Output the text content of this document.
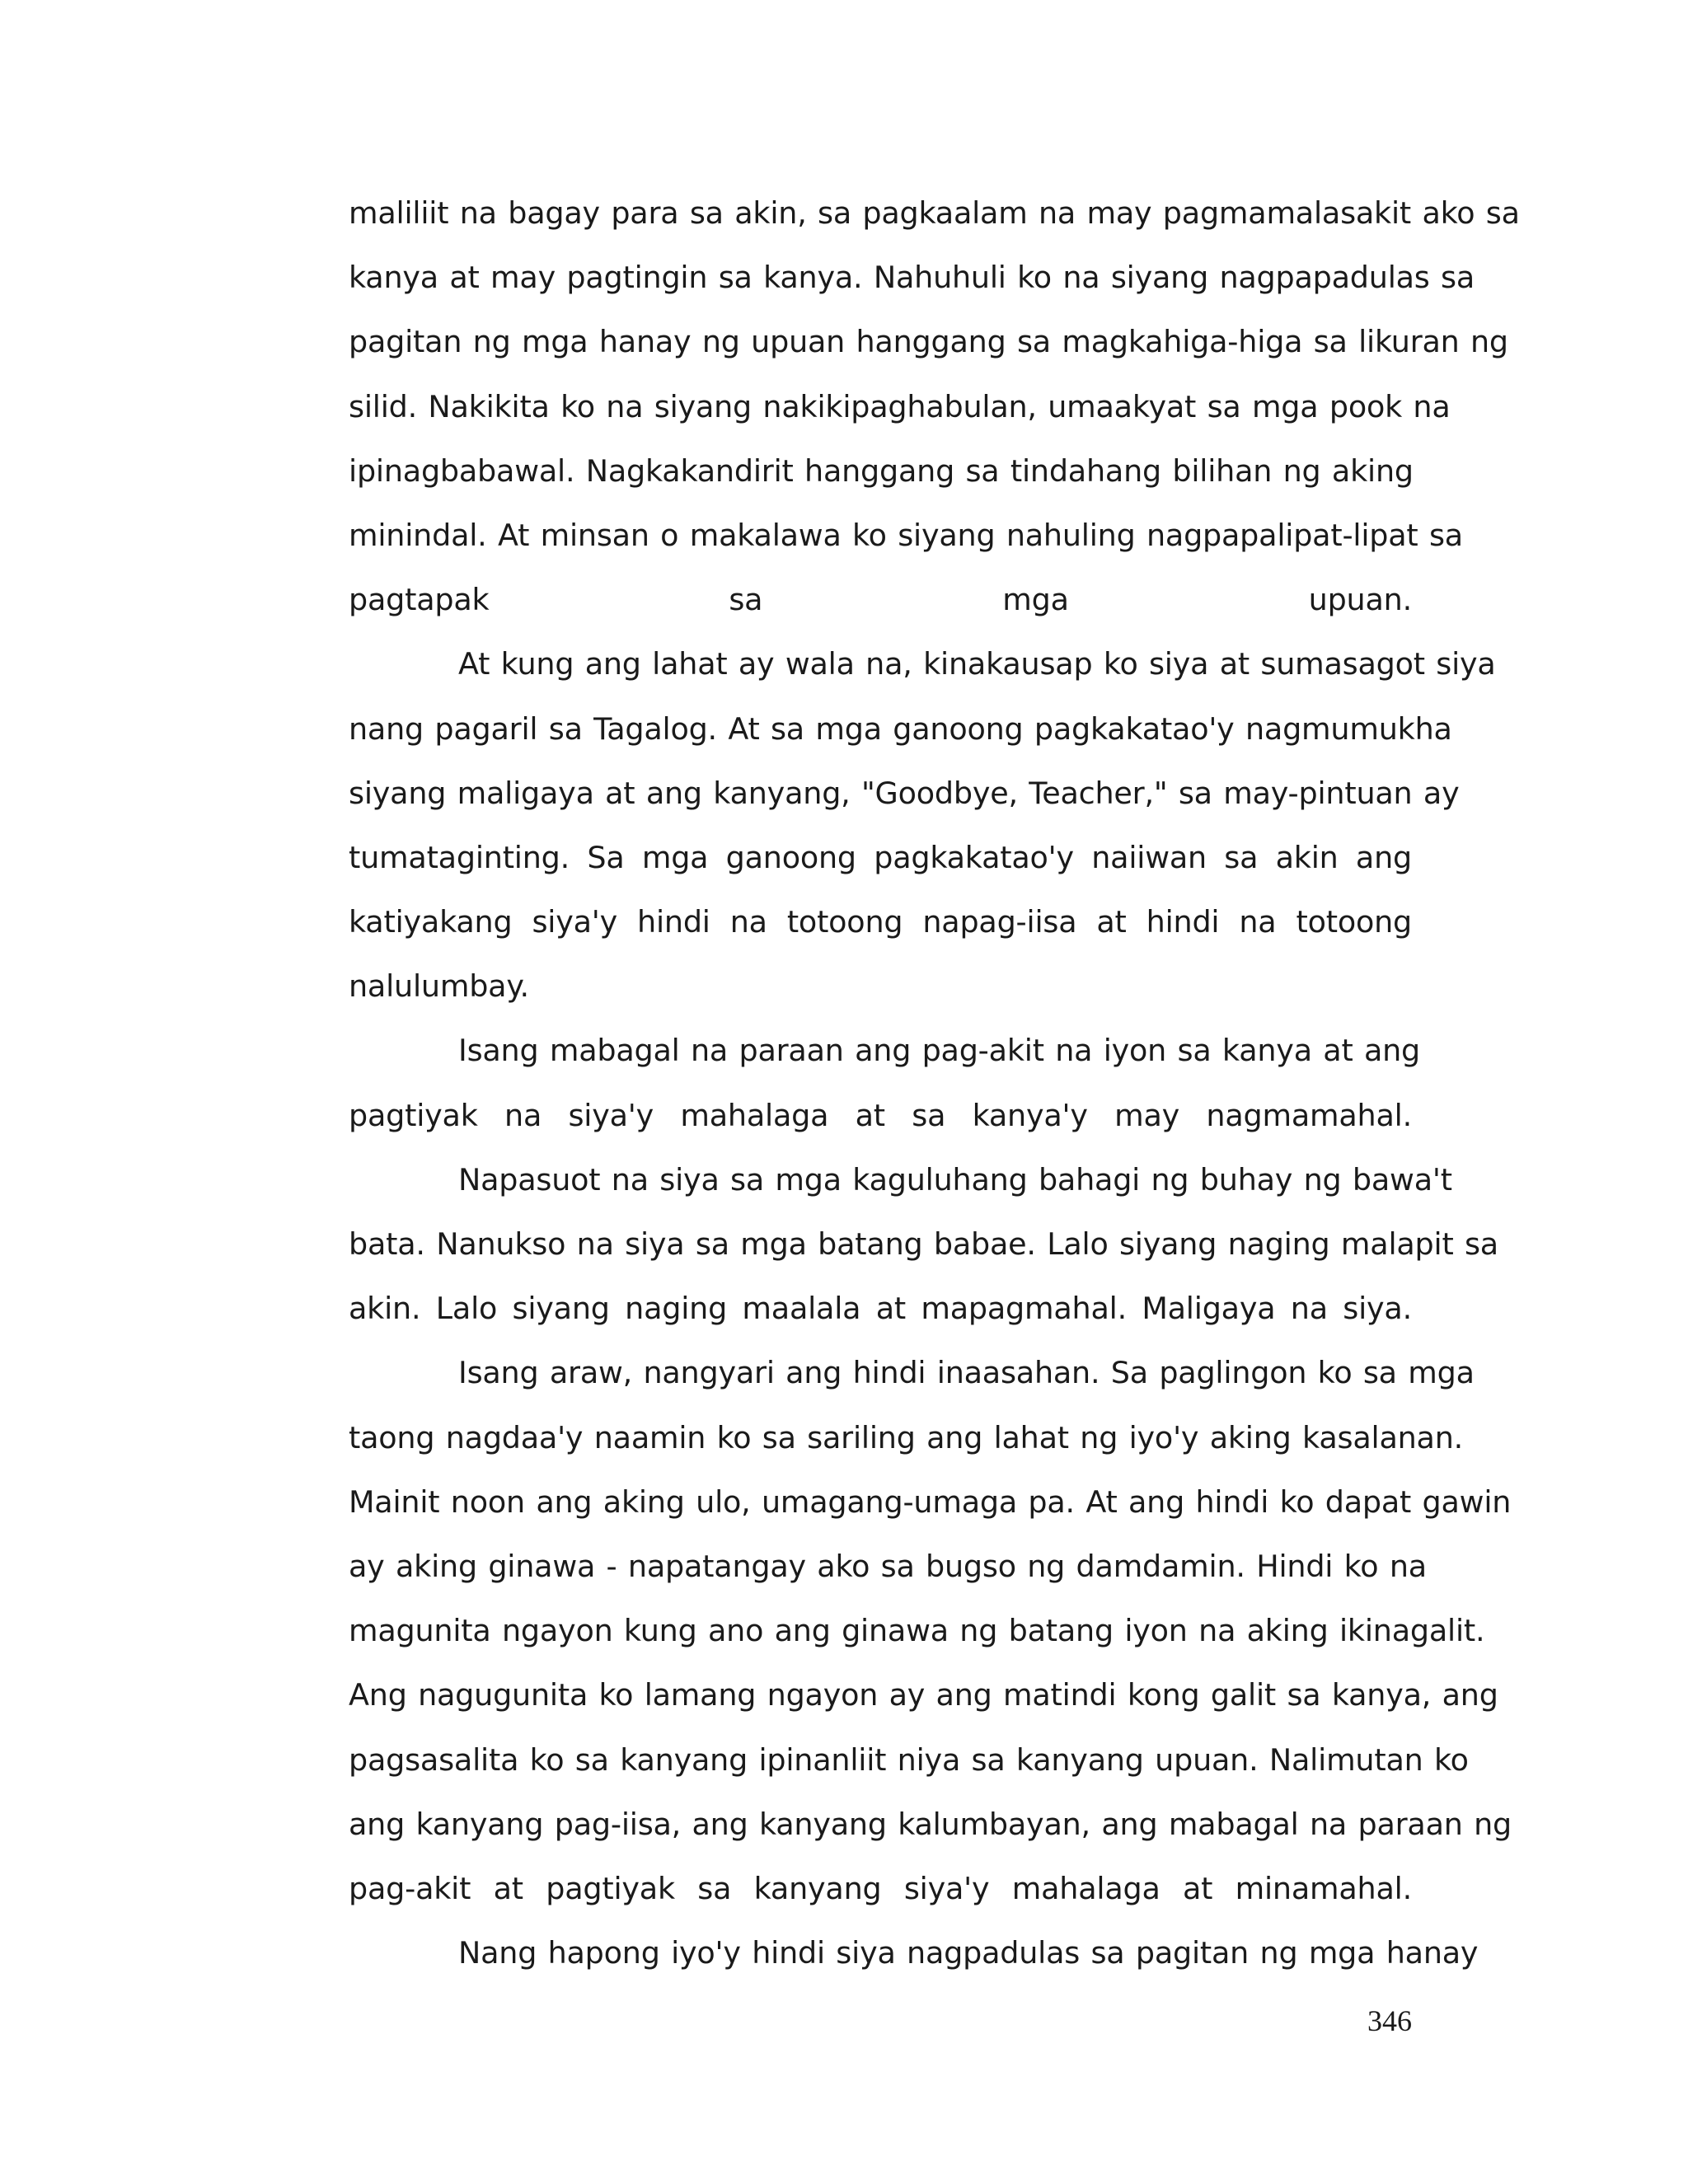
maliliit na bagay para sa akin, sa pagkaalam na may pagmamalasakit ako sa
kanya at may pagtingin sa kanya. Nahuhuli ko na siyang nagpapadulas sa
pagitan ng mga hanay ng upuan hanggang sa magkahiga-higa sa likuran ng
silid. Nakikita ko na siyang nakikipaghabulan, umaakyat sa mga pook na
ipinagbabawal. Nagkakandirit hanggang sa tindahang bilihan ng aking
minindal. At minsan o makalawa ko siyang nahuling nagpapalipat-lipat sa
pagtapak sa mga upuan.
At kung ang lahat ay wala na, kinakausap ko siya at sumasagot siya
nang pagaril sa Tagalog. At sa mga ganoong pagkakatao'y nagmumukha
siyang maligaya at ang kanyang, "Goodbye, Teacher," sa may-pintuan ay
tumataginting. Sa mga ganoong pagkakatao'y naiiwan sa akin ang
katiyakang siya'y hindi na totoong napag-iisa at hindi na totoong
nalulumbay.
Isang mabagal na paraan ang pag-akit na iyon sa kanya at ang
pagtiyak na siya'y mahalaga at sa kanya'y may nagmamahal.
Napasuot na siya sa mga kaguluhang bahagi ng buhay ng bawa't
bata. Nanukso na siya sa mga batang babae. Lalo siyang naging malapit sa
akin. Lalo siyang naging maalala at mapagmahal. Maligaya na siya.
Isang araw, nangyari ang hindi inaasahan. Sa paglingon ko sa mga
taong nagdaa'y naamin ko sa sariling ang lahat ng iyo'y aking kasalanan.
Mainit noon ang aking ulo, umagang-umaga pa. At ang hindi ko dapat gawin
ay aking ginawa - napatangay ako sa bugso ng damdamin. Hindi ko na
magunita ngayon kung ano ang ginawa ng batang iyon na aking ikinagalit.
Ang nagugunita ko lamang ngayon ay ang matindi kong galit sa kanya, ang
pagsasalita ko sa kanyang ipinanliit niya sa kanyang upuan. Nalimutan ko
ang kanyang pag-iisa, ang kanyang kalumbayan, ang mabagal na paraan ng
pag-akit at pagtiyak sa kanyang siya'y mahalaga at minamahal.
Nang hapong iyo'y hindi siya nagpadulas sa pagitan ng mga hanay
346
